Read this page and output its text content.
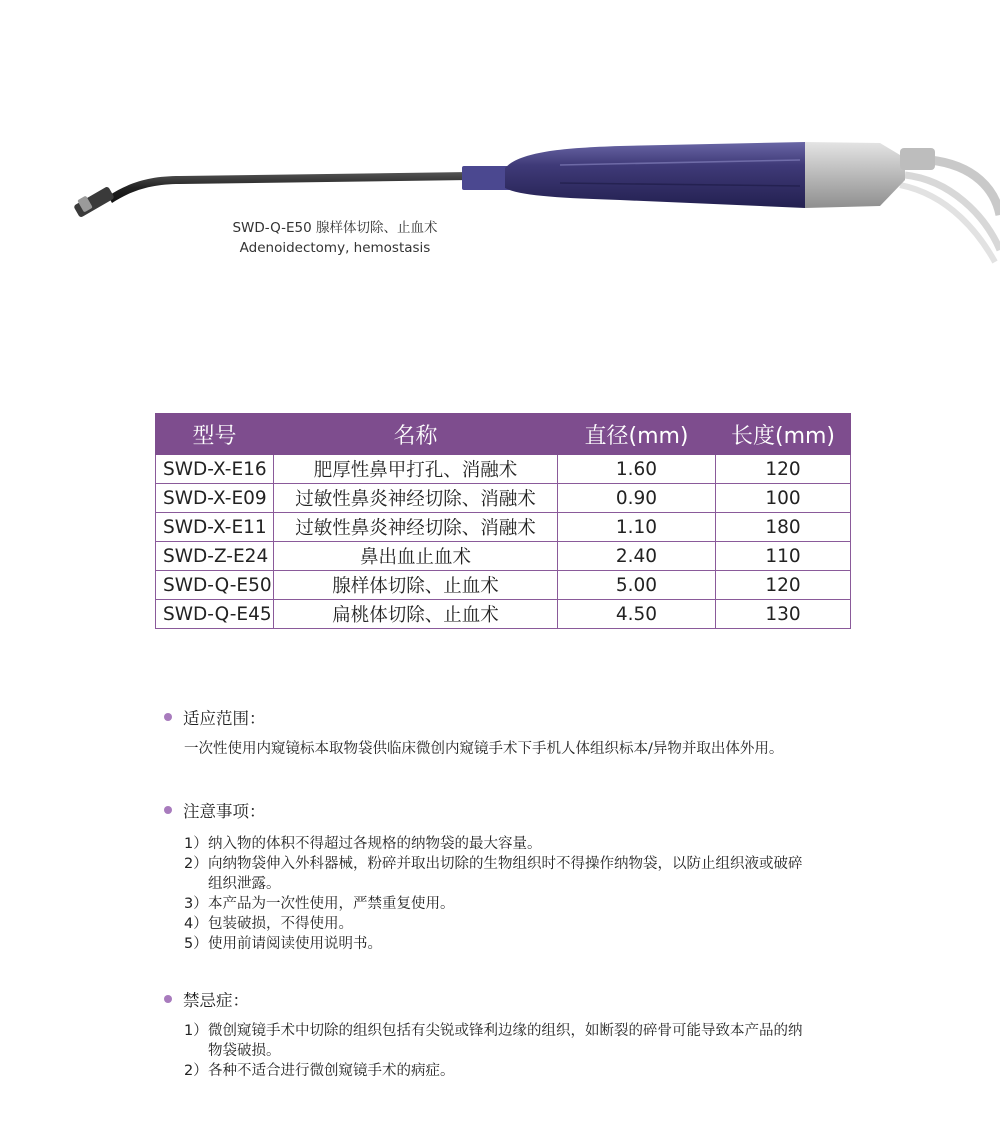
SWD-Q-E50 腺样体切除、止血术
Adenoidectomy, hemostasis
型号	名称	直径(mm)	长度(mm)
SWD-X-E16	肥厚性鼻甲打孔、消融术	1.60	120
SWD-X-E09	过敏性鼻炎神经切除、消融术	0.90	100
SWD-X-E11	过敏性鼻炎神经切除、消融术	1.10	180
SWD-Z-E24	鼻出血止血术	2.40	110
SWD-Q-E50	腺样体切除、止血术	5.00	120
SWD-Q-E45	扁桃体切除、止血术	4.50	130
适应范围：
一次性使用内窥镜标本取物袋供临床微创内窥镜手术下手机人体组织标本/异物并取出体外用。
注意事项：
1） 纳入物的体积不得超过各规格的纳物袋的最大容量。
2） 向纳物袋伸入外科器械，粉碎并取出切除的生物组织时不得操作纳物袋，以防止组织液或破碎
组织泄露。
3） 本产品为一次性使用，严禁重复使用。
4） 包装破损，不得使用。
5） 使用前请阅读使用说明书。
禁忌症：
1） 微创窥镜手术中切除的组织包括有尖锐或锋利边缘的组织，如断裂的碎骨可能导致本产品的纳
物袋破损。
2） 各种不适合进行微创窥镜手术的病症。
